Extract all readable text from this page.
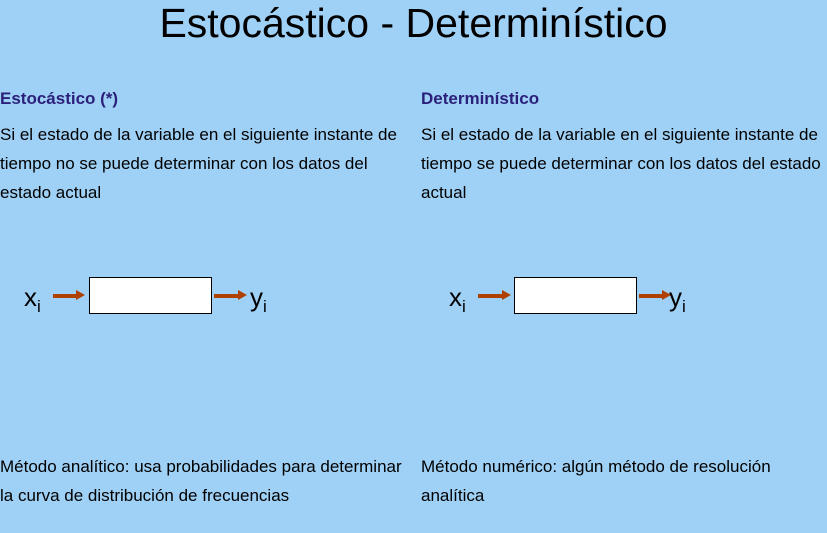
Estocástico - Determinístico
Estocástico (*)
Si el estado de la variable en el siguiente instante de tiempo no se puede determinar con los datos del estado actual
$x_i$	$y_i$
Método analítico: usa probabilidades para determinar la curva de distribución de frecuencias
Determinístico
Si el estado de la variable en el siguiente instante de tiempo se puede determinar con los datos del estado actual
$x_i$	$y_i$
Método numérico: algún método de resolución analítica
